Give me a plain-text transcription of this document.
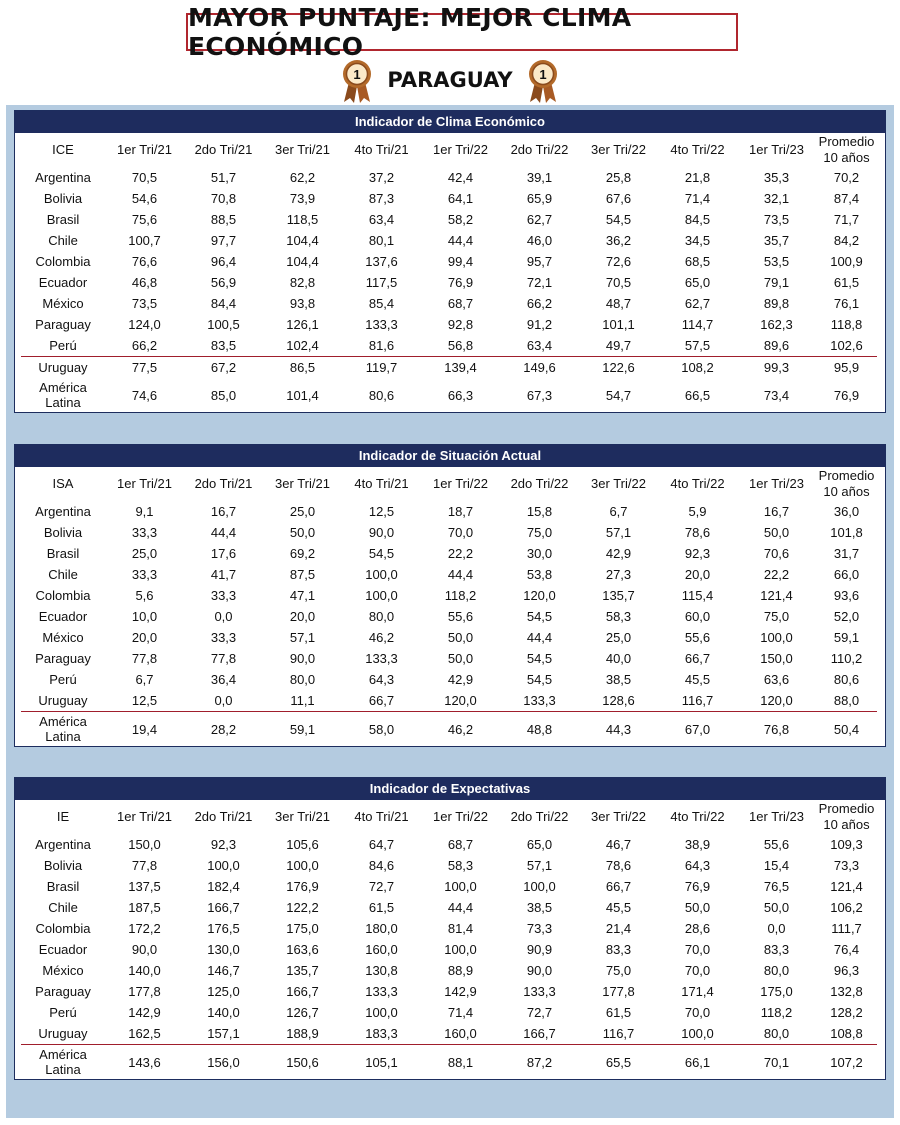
MAYOR PUNTAJE: MEJOR CLIMA ECONÓMICO
1	PARAGUAY	1
Indicador de Clima Económico
ICE	1er Tri/21	2do Tri/21	3er Tri/21	4to Tri/21	1er Tri/22	2do Tri/22	3er Tri/22	4to Tri/22	1er Tri/23	Promedio
10 años

Argentina	70,5	51,7	62,2	37,2	42,4	39,1	25,8	21,8	35,3	70,2
Bolivia	54,6	70,8	73,9	87,3	64,1	65,9	67,6	71,4	32,1	87,4
Brasil	75,6	88,5	118,5	63,4	58,2	62,7	54,5	84,5	73,5	71,7
Chile	100,7	97,7	104,4	80,1	44,4	46,0	36,2	34,5	35,7	84,2
Colombia	76,6	96,4	104,4	137,6	99,4	95,7	72,6	68,5	53,5	100,9
Ecuador	46,8	56,9	82,8	117,5	76,9	72,1	70,5	65,0	79,1	61,5
México	73,5	84,4	93,8	85,4	68,7	66,2	48,7	62,7	89,8	76,1
Paraguay	124,0	100,5	126,1	133,3	92,8	91,2	101,1	114,7	162,3	118,8
Perú	66,2	83,5	102,4	81,6	56,8	63,4	49,7	57,5	89,6	102,6
Uruguay	77,5	67,2	86,5	119,7	139,4	149,6	122,6	108,2	99,3	95,9

América
Latina	74,6	85,0	101,4	80,6	66,3	67,3	54,7	66,5	73,4	76,9
Indicador de Situación Actual
ISA	1er Tri/21	2do Tri/21	3er Tri/21	4to Tri/21	1er Tri/22	2do Tri/22	3er Tri/22	4to Tri/22	1er Tri/23	Promedio
10 años

Argentina	9,1	16,7	25,0	12,5	18,7	15,8	6,7	5,9	16,7	36,0
Bolivia	33,3	44,4	50,0	90,0	70,0	75,0	57,1	78,6	50,0	101,8
Brasil	25,0	17,6	69,2	54,5	22,2	30,0	42,9	92,3	70,6	31,7
Chile	33,3	41,7	87,5	100,0	44,4	53,8	27,3	20,0	22,2	66,0
Colombia	5,6	33,3	47,1	100,0	118,2	120,0	135,7	115,4	121,4	93,6
Ecuador	10,0	0,0	20,0	80,0	55,6	54,5	58,3	60,0	75,0	52,0
México	20,0	33,3	57,1	46,2	50,0	44,4	25,0	55,6	100,0	59,1
Paraguay	77,8	77,8	90,0	133,3	50,0	54,5	40,0	66,7	150,0	110,2
Perú	6,7	36,4	80,0	64,3	42,9	54,5	38,5	45,5	63,6	80,6
Uruguay	12,5	0,0	11,1	66,7	120,0	133,3	128,6	116,7	120,0	88,0

América
Latina	19,4	28,2	59,1	58,0	46,2	48,8	44,3	67,0	76,8	50,4
Indicador de Expectativas
IE	1er Tri/21	2do Tri/21	3er Tri/21	4to Tri/21	1er Tri/22	2do Tri/22	3er Tri/22	4to Tri/22	1er Tri/23	Promedio
10 años

Argentina	150,0	92,3	105,6	64,7	68,7	65,0	46,7	38,9	55,6	109,3
Bolivia	77,8	100,0	100,0	84,6	58,3	57,1	78,6	64,3	15,4	73,3
Brasil	137,5	182,4	176,9	72,7	100,0	100,0	66,7	76,9	76,5	121,4
Chile	187,5	166,7	122,2	61,5	44,4	38,5	45,5	50,0	50,0	106,2
Colombia	172,2	176,5	175,0	180,0	81,4	73,3	21,4	28,6	0,0	111,7
Ecuador	90,0	130,0	163,6	160,0	100,0	90,9	83,3	70,0	83,3	76,4
México	140,0	146,7	135,7	130,8	88,9	90,0	75,0	70,0	80,0	96,3
Paraguay	177,8	125,0	166,7	133,3	142,9	133,3	177,8	171,4	175,0	132,8
Perú	142,9	140,0	126,7	100,0	71,4	72,7	61,5	70,0	118,2	128,2
Uruguay	162,5	157,1	188,9	183,3	160,0	166,7	116,7	100,0	80,0	108,8

América
Latina	143,6	156,0	150,6	105,1	88,1	87,2	65,5	66,1	70,1	107,2
